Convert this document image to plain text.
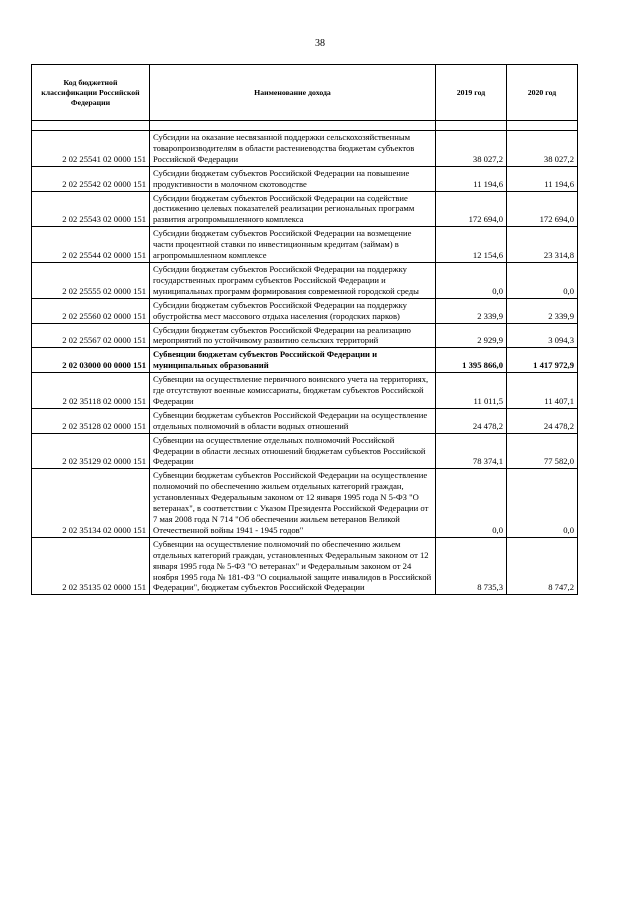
38
Код бюджетной классификации Российской Федерации	Наименование дохода	2019 год	2020 год

2 02 25541 02 0000 151	Субсидии на оказание несвязанной поддержки сельскохозяйственным товаропроизводителям в области растениеводства бюджетам субъектов Российской Федерации	38 027,2	38 027,2
2 02 25542 02 0000 151	Субсидии бюджетам субъектов Российской Федерации на повышение продуктивности в молочном скотоводстве	11 194,6	11 194,6
2 02 25543 02 0000 151	Субсидии бюджетам субъектов Российской Федерации на содействие достижению целевых показателей реализации региональных программ развития агропромышленного комплекса	172 694,0	172 694,0
2 02 25544 02 0000 151	Субсидии бюджетам субъектов Российской Федерации на возмещение части процентной ставки по инвестиционным кредитам (займам) в агропромышленном комплексе	12 154,6	23 314,8
2 02 25555 02 0000 151	Субсидии бюджетам субъектов Российской Федерации на поддержку государственных программ субъектов Российской Федерации и муниципальных программ формирования современной городской среды	0,0	0,0
2 02 25560 02 0000 151	Субсидии бюджетам субъектов Российской Федерации на поддержку обустройства мест массового отдыха населения (городских парков)	2 339,9	2 339,9
2 02 25567 02 0000 151	Субсидии бюджетам субъектов Российской Федерации на реализацию мероприятий по устойчивому развитию сельских территорий	2 929,9	3 094,3
2 02 03000 00 0000 151	Субвенции бюджетам субъектов Российской Федерации и муниципальных образований	1 395 866,0	1 417 972,9
2 02 35118 02 0000 151	Субвенции на осуществление первичного воинского учета на территориях, где отсутствуют военные комиссариаты, бюджетам субъектов Российской Федерации	11 011,5	11 407,1
2 02 35128 02 0000 151	Субвенции бюджетам субъектов Российской Федерации на осуществление отдельных полномочий в области водных отношений	24 478,2	24 478,2
2 02 35129 02 0000 151	Субвенции на осуществление отдельных полномочий Российской Федерации в области лесных отношений бюджетам субъектов Российской Федерации	78 374,1	77 582,0
2 02 35134 02 0000 151	Субвенции бюджетам субъектов Российской Федерации на осуществление полномочий по обеспечению жильем отдельных категорий граждан, установленных Федеральным законом от 12 января 1995 года N 5-ФЗ "О ветеранах", в соответствии с Указом Президента Российской Федерации от 7 мая 2008 года N 714 "Об обеспечении жильем ветеранов Великой Отечественной войны 1941 - 1945 годов"	0,0	0,0
2 02 35135 02 0000 151	Субвенции на осуществление полномочий по обеспечению жильем отдельных категорий граждан, установленных Федеральным законом от 12 января 1995 года № 5-ФЗ "О ветеранах" и Федеральным законом от 24 ноября 1995 года № 181-ФЗ "О социальной защите инвалидов в Российской Федерации", бюджетам субъектов Российской Федерации	8 735,3	8 747,2
